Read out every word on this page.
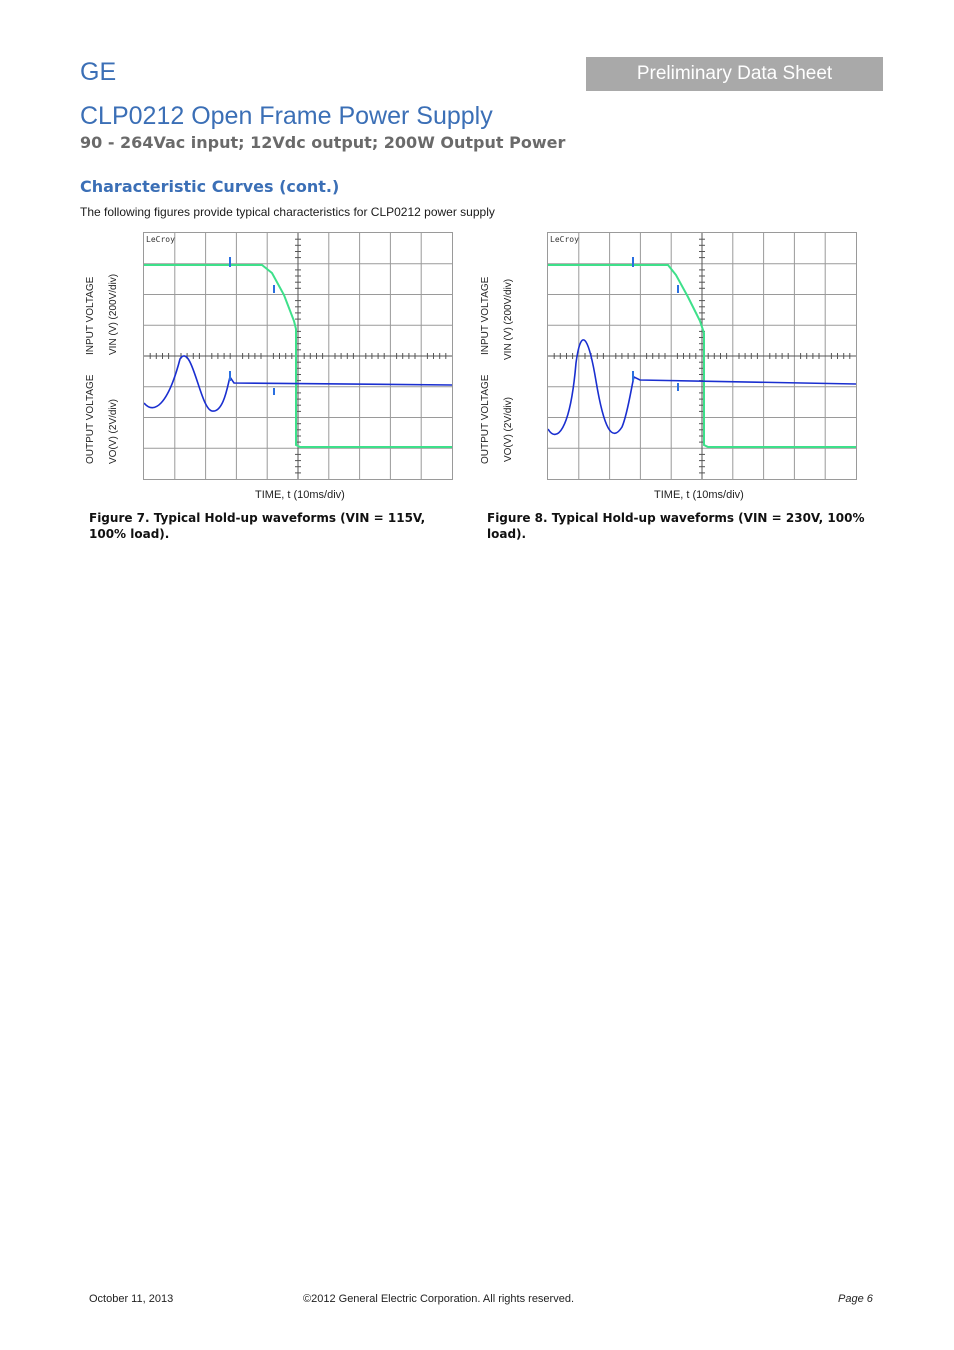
GE	Preliminary Data Sheet
CLP0212 Open Frame Power Supply
90 - 264Vac input; 12Vdc output; 200W Output Power
Characteristic Curves (cont.)
The following figures provide typical characteristics for CLP0212 power supply
INPUT VOLTAGE VIN (V) (200V/div)
OUTPUT VOLTAGE VO(V) (2V/div)
LeCroy
TIME, t (10ms/div)
Figure 7. Typical Hold-up waveforms (VIN = 115V, 100% load).
INPUT VOLTAGE VIN (V) (200V/div)
OUTPUT VOLTAGE VO(V) (2V/div)
LeCroy
TIME, t (10ms/div)
Figure 8. Typical Hold-up waveforms (VIN = 230V, 100% load).
October 11, 2013	©2012 General Electric Corporation. All rights reserved.	Page 6
